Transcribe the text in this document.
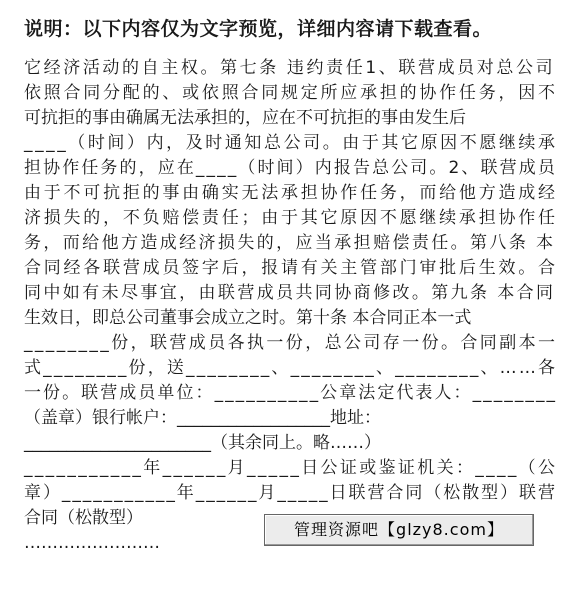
说明：以下内容仅为文字预览，详细内容请下载查看。
它经济活动的自主权。第七条 违约责任1、联营成员对总公司
依照合同分配的、或依照合同规定所应承担的协作任务，因不
可抗拒的事由确属无法承担的，应在不可抗拒的事由发生后
____（时间）内，及时通知总公司。由于其它原因不愿继续承
担协作任务的，应在____（时间）内报告总公司。2、联营成员
由于不可抗拒的事由确实无法承担协作任务，而给他方造成经
济损失的，不负赔偿责任；由于其它原因不愿继续承担协作任
务，而给他方造成经济损失的，应当承担赔偿责任。第八条 本
合同经各联营成员签字后，报请有关主管部门审批后生效。合
同中如有未尽事宜，由联营成员共同协商修改。第九条 本合同
生效日，即总公司董事会成立之时。第十条 本合同正本一式
________份，联营成员各执一份，总公司存一份。合同副本一
式________份，送________、________、________、……各
一份。联营成员单位：__________公章法定代表人：________
（盖章）银行帐户：__________________地址：
______________________（其余同上。略……）
___________年______月_____日公证或鉴证机关：____（公
章）___________年______月_____日联营合同（松散型）联营
合同（松散型）
……………………
管理资源吧【glzy8.com】
